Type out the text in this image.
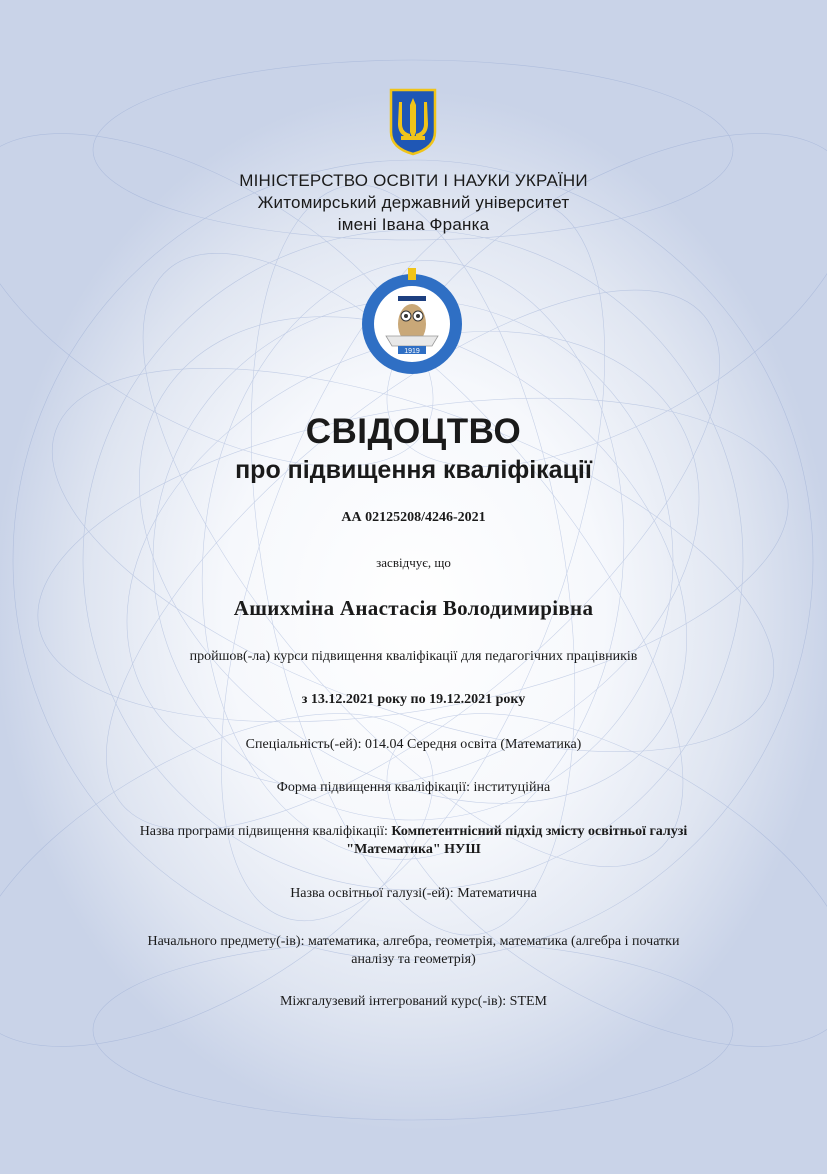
МІНІСТЕРСТВО ОСВІТИ І НАУКИ УКРАЇНИ
Житомирський державний університет
імені Івана Франка
1919
СВІДОЦТВО
про підвищення кваліфікації
АА 02125208/4246-2021
засвідчує, що
Ашихміна Анастасія Володимирівна
пройшов(-ла) курси підвищення кваліфікації для педагогічних працівників
з 13.12.2021 року по 19.12.2021 року
Спеціальність(-ей): 014.04 Середня освіта (Математика)
Форма підвищення кваліфікації: інституційна
Назва програми підвищення кваліфікації: Компетентнісний підхід змісту освітньої галузі
"Математика" НУШ
Назва освітньої галузі(-ей): Математична
Начального предмету(-ів): математика, алгебра, геометрія, математика (алгебра і початки
аналізу та геометрія)
Міжгалузевий інтегрований курс(-ів): STEM
